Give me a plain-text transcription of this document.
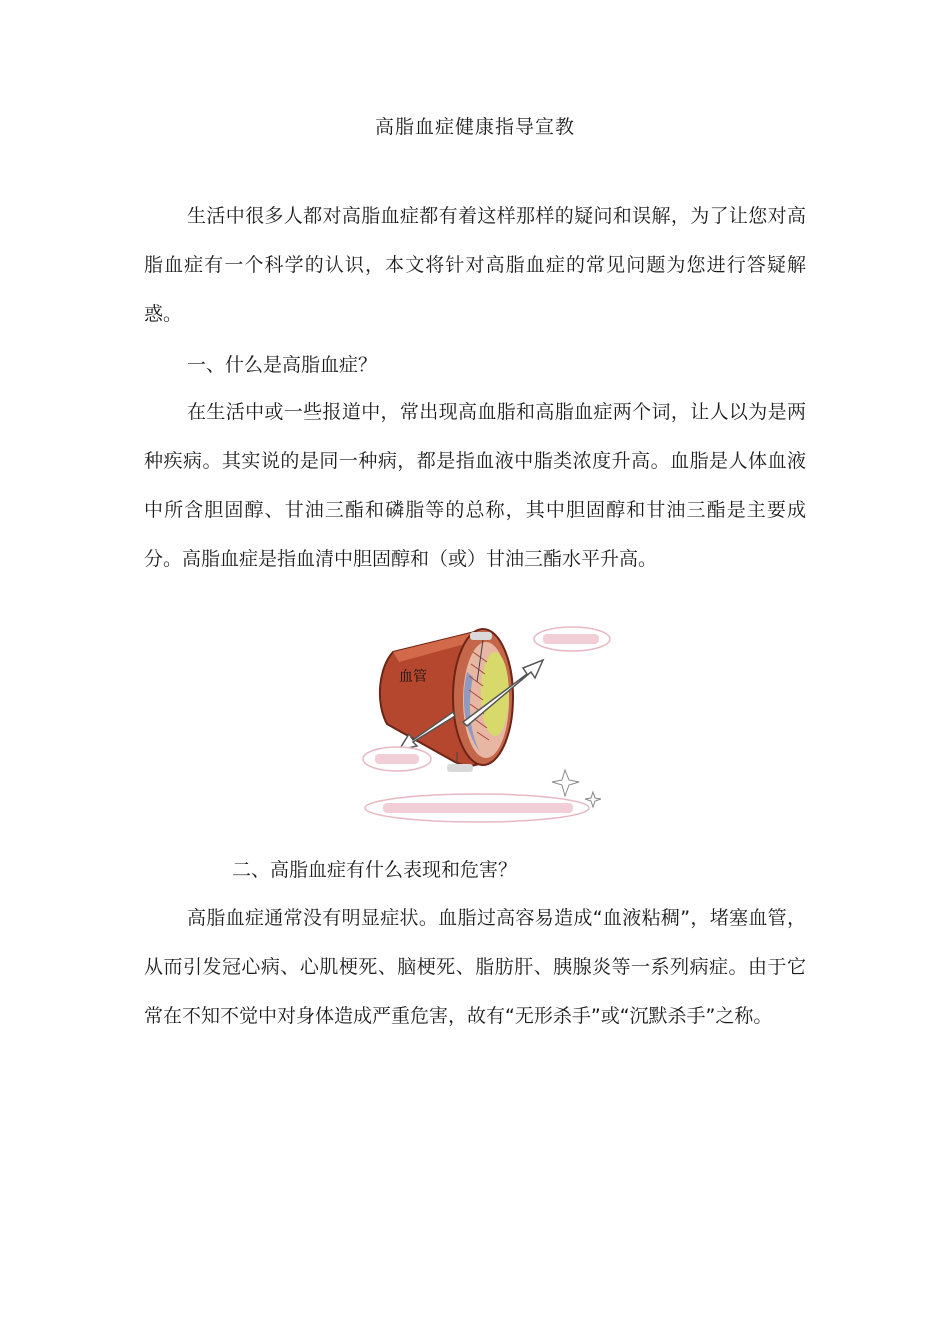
高脂血症健康指导宣教

生活中很多人都对高脂血症都有着这样那样的疑问和误解，为了让您对高脂血症有一个科学的认识，本文将针对高脂血症的常见问题为您进行答疑解惑。

一、什么是高脂血症？

在生活中或一些报道中，常出现高血脂和高脂血症两个词，让人以为是两种疾病。其实说的是同一种病，都是指血液中脂类浓度升高。血脂是人体血液中所含胆固醇、甘油三酯和磷脂等的总称，其中胆固醇和甘油三酯是主要成分。高脂血症是指血清中胆固醇和（或）甘油三酯水平升高。

血管

二、高脂血症有什么表现和危害？

高脂血症通常没有明显症状。血脂过高容易造成“血液粘稠”，堵塞血管，从而引发冠心病、心肌梗死、脑梗死、脂肪肝、胰腺炎等一系列病症。由于它常在不知不觉中对身体造成严重危害，故有“无形杀手”或“沉默杀手”之称。
